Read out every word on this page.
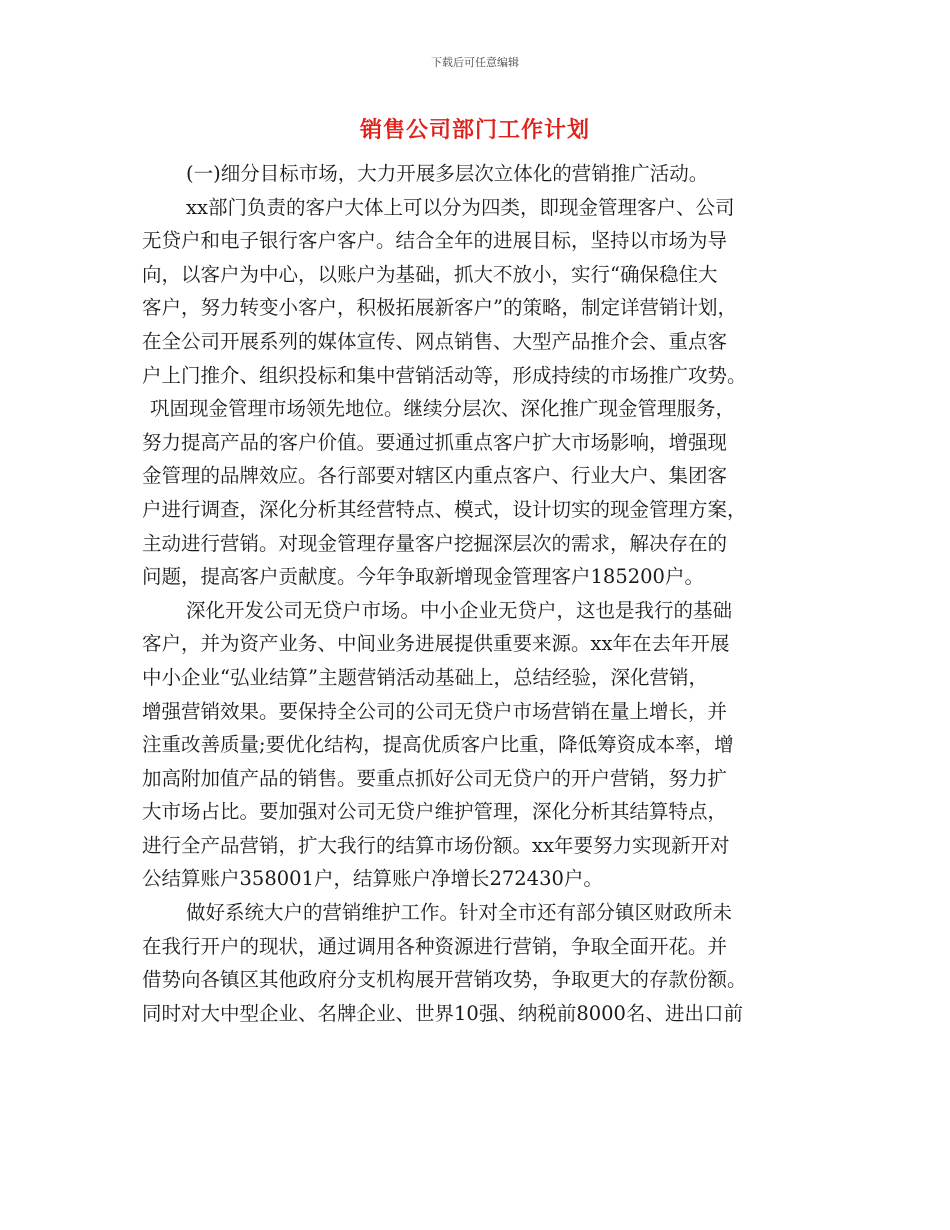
下载后可任意编辑
销售公司部门工作计划

(一)细分目标市场，大力开展多层次立体化的营销推广活动。

xx部门负责的客户大体上可以分为四类，即现金管理客户、公司
无贷户和电子银行客户客户。结合全年的进展目标，坚持以市场为导
向，以客户为中心，以账户为基础，抓大不放小，实行“确保稳住大
客户，努力转变小客户，积极拓展新客户”的策略，制定详营销计划，
在全公司开展系列的媒体宣传、网点销售、大型产品推介会、重点客
户上门推介、组织投标和集中营销活动等，形成持续的市场推广攻势。

巩固现金管理市场领先地位。继续分层次、深化推广现金管理服务，
努力提高产品的客户价值。要通过抓重点客户扩大市场影响，增强现
金管理的品牌效应。各行部要对辖区内重点客户、行业大户、集团客
户进行调查，深化分析其经营特点、模式，设计切实的现金管理方案，
主动进行营销。对现金管理存量客户挖掘深层次的需求，解决存在的
问题，提高客户贡献度。今年争取新增现金管理客户185200户。

深化开发公司无贷户市场。中小企业无贷户，这也是我行的基础
客户，并为资产业务、中间业务进展提供重要来源。xx年在去年开展
中小企业“弘业结算”主题营销活动基础上，总结经验，深化营销，
增强营销效果。要保持全公司的公司无贷户市场营销在量上增长，并
注重改善质量;要优化结构，提高优质客户比重，降低筹资成本率，增
加高附加值产品的销售。要重点抓好公司无贷户的开户营销，努力扩
大市场占比。要加强对公司无贷户维护管理，深化分析其结算特点，
进行全产品营销，扩大我行的结算市场份额。xx年要努力实现新开对
公结算账户358001户，结算账户净增长272430户。

做好系统大户的营销维护工作。针对全市还有部分镇区财政所未
在我行开户的现状，通过调用各种资源进行营销，争取全面开花。并
借势向各镇区其他政府分支机构展开营销攻势，争取更大的存款份额。
同时对大中型企业、名牌企业、世界10强、纳税前8000名、进出口前
